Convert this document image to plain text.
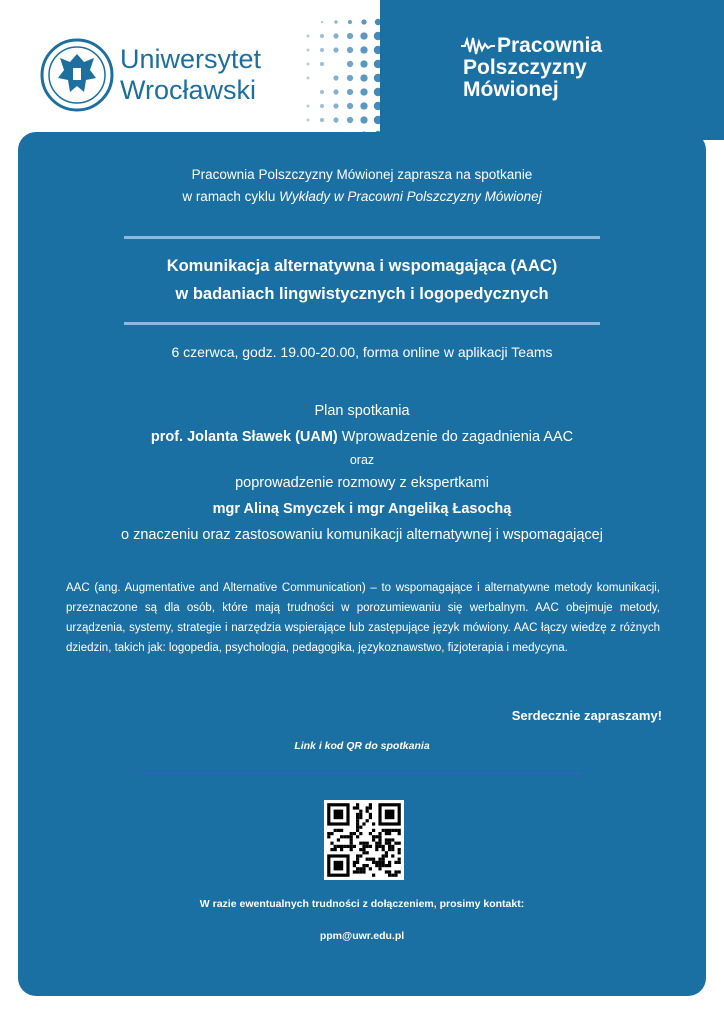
Uniwersytet
Wrocławski
Pracownia
Polszczyzny
Mówionej
Pracownia Polszczyzny Mówionej zaprasza na spotkanie
w ramach cyklu Wykłady w Pracowni Polszczyzny Mówionej
Komunikacja alternatywna i wspomagająca (AAC)
w badaniach lingwistycznych i logopedycznych
6 czerwca, godz. 19.00-20.00, forma online w aplikacji Teams
Plan spotkania
prof. Jolanta Sławek (UAM) Wprowadzenie do zagadnienia AAC
oraz
poprowadzenie rozmowy z ekspertkami
mgr Aliną Smyczek i mgr Angeliką Łasochą
o znaczeniu oraz zastosowaniu komunikacji alternatywnej i wspomagającej
AAC (ang. Augmentative and Alternative Communication) – to wspomagające i alternatywne metody komunikacji, przeznaczone są dla osób, które mają trudności w porozumiewaniu się werbalnym. AAC obejmuje metody, urządzenia, systemy, strategie i narzędzia wspierające lub zastępujące język mówiony. AAC łączy wiedzę z różnych dziedzin, takich jak: logopedia, psychologia, pedagogika, językoznawstwo, fizjoterapia i medycyna.
Serdecznie zapraszamy!
Link i kod QR do spotkania
W razie ewentualnych trudności z dołączeniem, prosimy kontakt:
ppm@uwr.edu.pl
